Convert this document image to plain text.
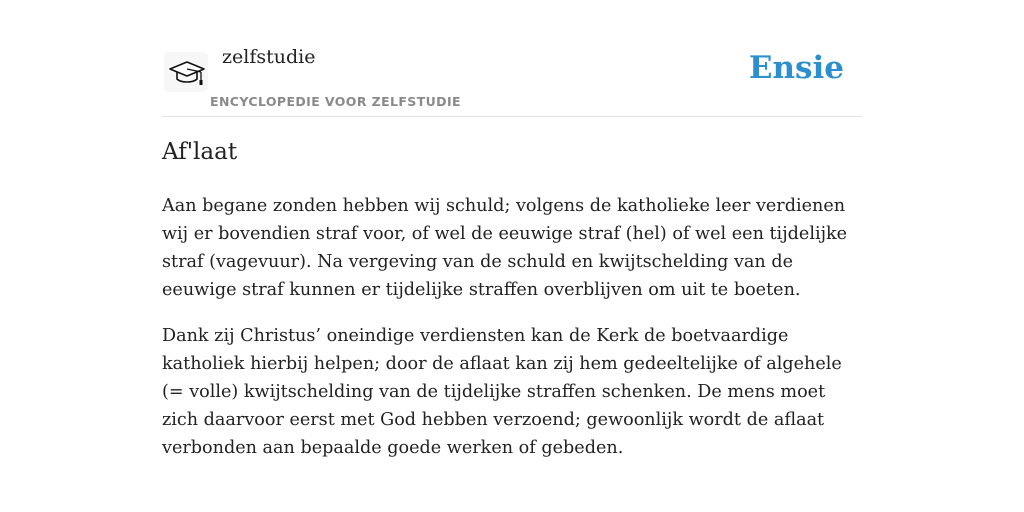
zelfstudie
ENCYCLOPEDIE VOOR ZELFSTUDIE
Ensie
Af'laat

Aan begane zonden hebben wij schuld; volgens de katholieke leer verdienen wij er bovendien straf voor, of wel de eeuwige straf (hel) of wel een tijdelijke straf (vagevuur). Na vergeving van de schuld en kwijtschelding van de eeuwige straf kunnen er tijdelijke straffen overblijven om uit te boeten.

Dank zij Christus’ oneindige verdiensten kan de Kerk de boetvaardige katholiek hierbij helpen; door de aflaat kan zij hem gedeeltelijke of algehele (= volle) kwijtschelding van de tijdelijke straffen schenken. De mens moet zich daarvoor eerst met God hebben verzoend; gewoonlijk wordt de aflaat verbonden aan bepaalde goede werken of gebeden.
